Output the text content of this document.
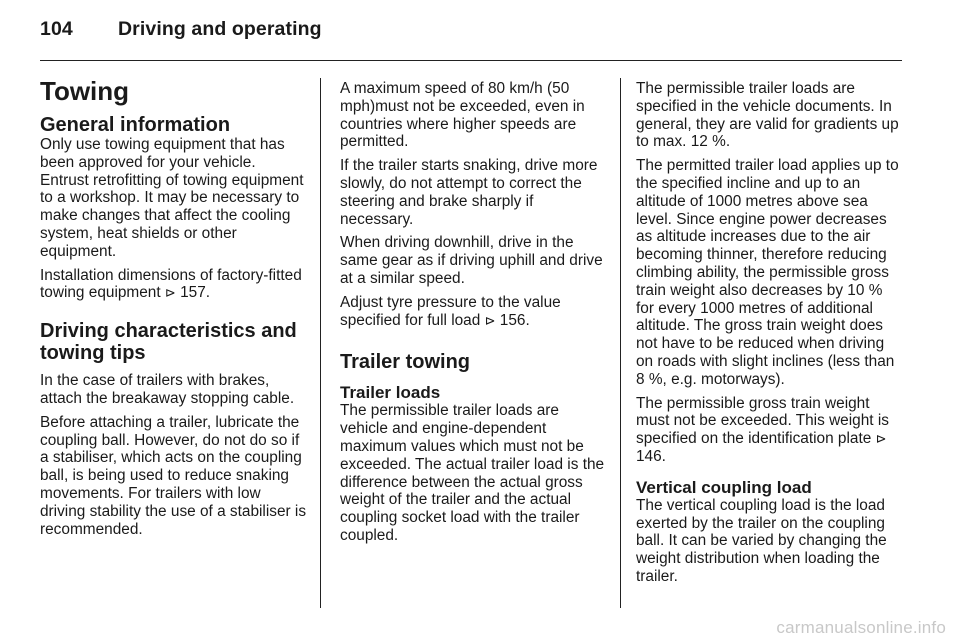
104 Driving and operating
Towing
General information

Only use towing equipment that has been approved for your vehicle. Entrust retrofitting of towing equipment to a workshop. It may be necessary to make changes that affect the cooling system, heat shields or other equipment.

Installation dimensions of factory-fitted towing equipment ⊳ 157.

Driving characteristics and towing tips

In the case of trailers with brakes, attach the breakaway stopping cable.

Before attaching a trailer, lubricate the coupling ball. However, do not do so if a stabiliser, which acts on the coupling ball, is being used to reduce snaking movements. For trailers with low driving stability the use of a stabiliser is recommended.

A maximum speed of 80 km/h (50 mph)must not be exceeded, even in countries where higher speeds are permitted.

If the trailer starts snaking, drive more slowly, do not attempt to correct the steering and brake sharply if necessary.

When driving downhill, drive in the same gear as if driving uphill and drive at a similar speed.

Adjust tyre pressure to the value specified for full load ⊳ 156.

Trailer towing
Trailer loads

The permissible trailer loads are vehicle and engine-dependent maximum values which must not be exceeded. The actual trailer load is the difference between the actual gross weight of the trailer and the actual coupling socket load with the trailer coupled.

The permissible trailer loads are specified in the vehicle documents. In general, they are valid for gradients up to max. 12 %.

The permitted trailer load applies up to the specified incline and up to an altitude of 1000 metres above sea level. Since engine power decreases as altitude increases due to the air becoming thinner, therefore reducing climbing ability, the permissible gross train weight also decreases by 10 % for every 1000 metres of additional altitude. The gross train weight does not have to be reduced when driving on roads with slight inclines (less than 8 %, e.g. motorways).

The permissible gross train weight must not be exceeded. This weight is specified on the identification plate ⊳ 146.

Vertical coupling load

The vertical coupling load is the load exerted by the trailer on the coupling ball. It can be varied by changing the weight distribution when loading the trailer.

carmanualsonline.info
